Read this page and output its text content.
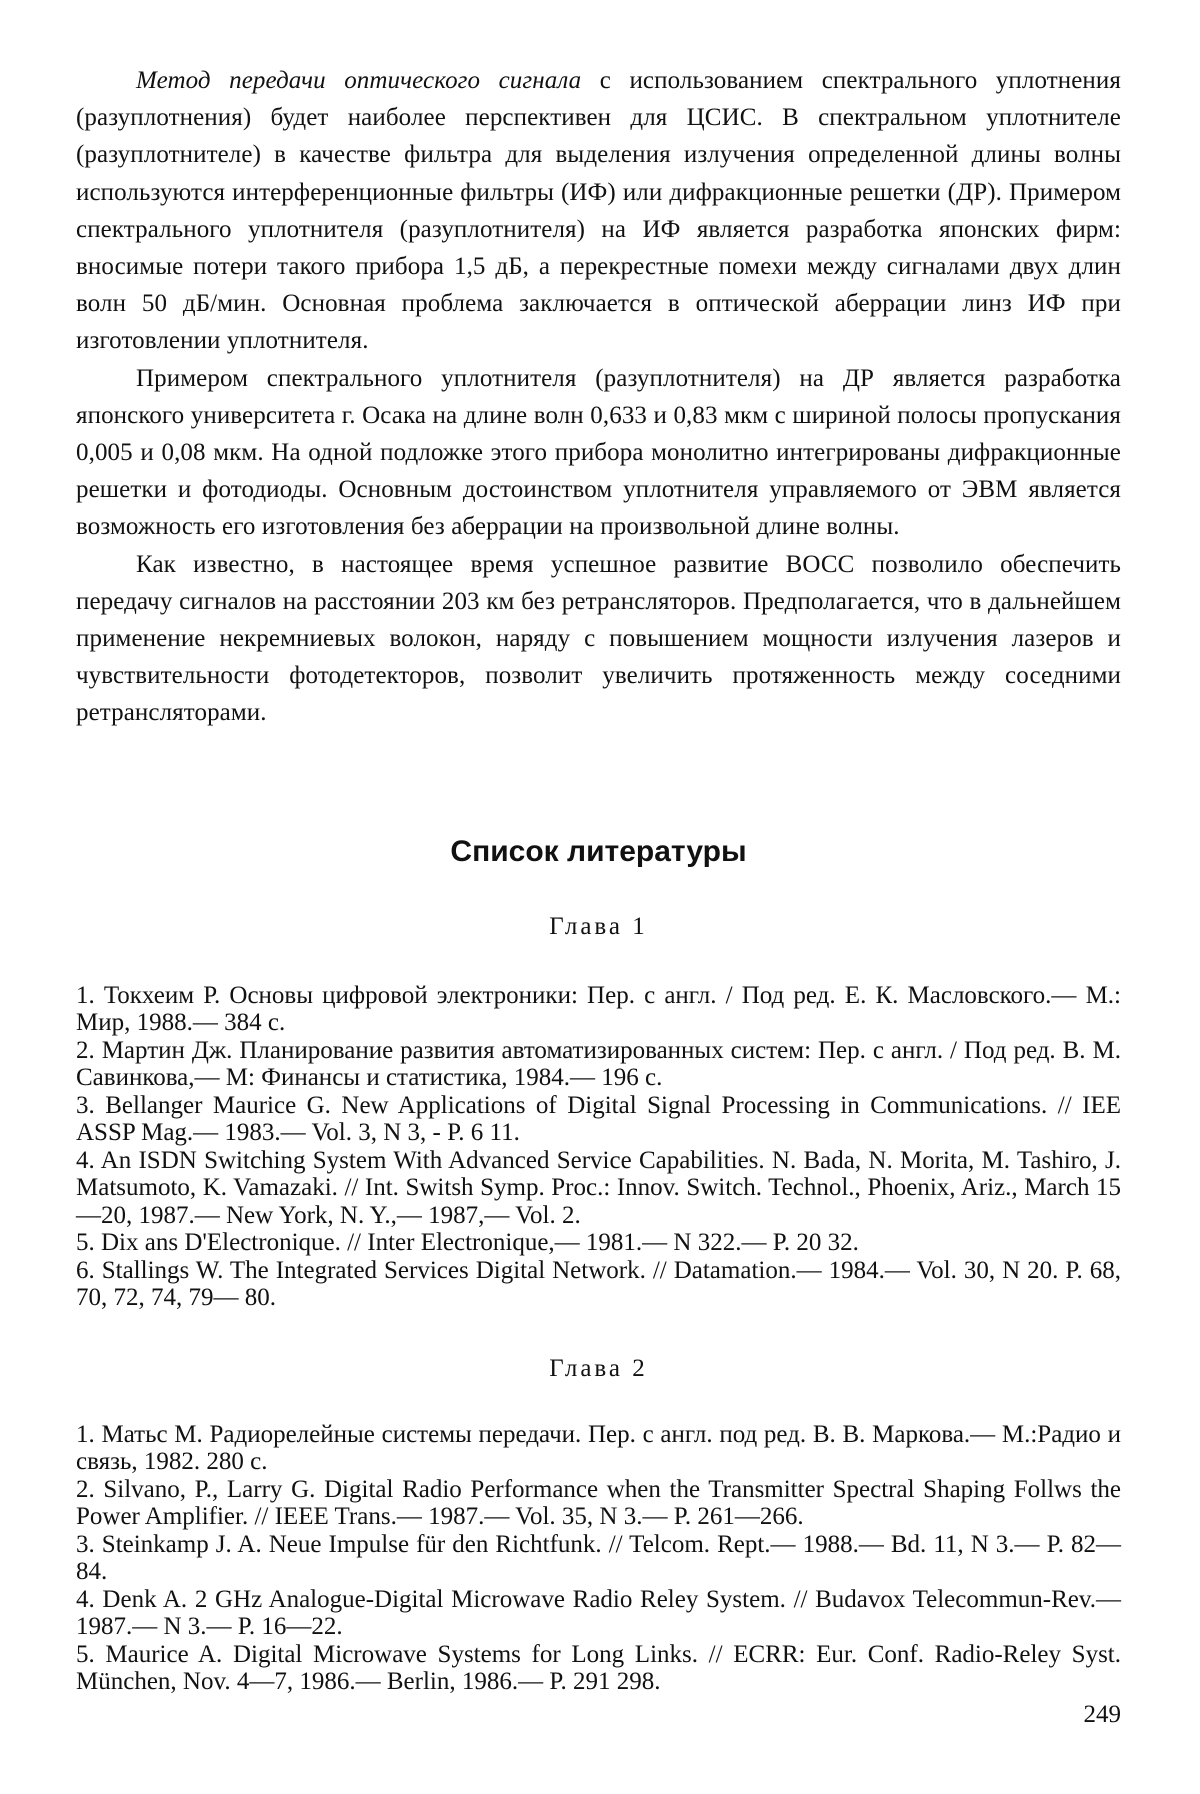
Метод передачи оптического сигнала с использованием спектрального уплотнения (разуплотнения) будет наиболее перспективен для ЦСИС. В спектральном уплотнителе (разуплотнителе) в качестве фильтра для выделения излучения определенной длины волны используются интерференционные фильтры (ИФ) или дифракционные решетки (ДР). Примером спектрального уплотнителя (разуплотнителя) на ИФ является разработка японских фирм: вносимые потери такого прибора 1,5 дБ, а перекрестные помехи между сигналами двух длин волн 50 дБ/мин. Основная проблема заключается в оптической аберрации линз ИФ при изготовлении уплотнителя.

Примером спектрального уплотнителя (разуплотнителя) на ДР является разработка японского университета г. Осака на длине волн 0,633 и 0,83 мкм с шириной полосы пропускания 0,005 и 0,08 мкм. На одной подложке этого прибора монолитно интегрированы дифракционные решетки и фотодиоды. Основным достоинством уплотнителя управляемого от ЭВМ является возможность его изготовления без аберрации на произвольной длине волны.

Как известно, в настоящее время успешное развитие ВОСС позволило обеспечить передачу сигналов на расстоянии 203 км без ретрансляторов. Предполагается, что в дальнейшем применение некремниевых волокон, наряду с повышением мощности излучения лазеров и чувствительности фотодетекторов, позволит увеличить протяженность между соседними ретрансляторами.

Список литературы
Глава 1
1. Токхеим Р. Основы цифровой электроники: Пер. с англ. / Под ред. Е. К. Масловского.— М.: Мир, 1988.— 384 с.
2. Мартин Дж. Планирование развития автоматизированных систем: Пер. с англ. / Под ред. В. М. Савинкова,— М: Финансы и статистика, 1984.— 196 с.
3. Bellanger Maurice G. New Applications of Digital Signal Processing in Communications. // IEE ASSP Mag.— 1983.— Vol. 3, N 3, - P. 6 11.
4. An ISDN Switching System With Advanced Service Capabilities. N. Bada, N. Morita, M. Tashiro, J. Matsumoto, K. Vamazaki. // Int. Switsh Symp. Proc.: Innov. Switch. Technol., Phoenix, Ariz., March 15—20, 1987.— New York, N. Y.,— 1987,— Vol. 2.
5. Dix ans D'Electronique. // Inter Electronique,— 1981.— N 322.— P. 20 32.
6. Stallings W. The Integrated Services Digital Network. // Datamation.— 1984.— Vol. 30, N 20. P. 68, 70, 72, 74, 79— 80.
Глава 2
1. Матьс М. Радиорелейные системы передачи. Пер. с англ. под ред. В. В. Маркова.— М.:Радио и связь, 1982. 280 с.
2. Silvano, P., Larry G. Digital Radio Performance when the Transmitter Spectral Shaping Follws the Power Amplifier. // IEEE Trans.— 1987.— Vol. 35, N 3.— P. 261—266.
3. Steinkamp J. A. Neue Impulse für den Richtfunk. // Telcom. Rept.— 1988.— Bd. 11, N 3.— P. 82—84.
4. Denk A. 2 GHz Analogue-Digital Microwave Radio Reley System. // Budavox Telecommun-Rev.— 1987.— N 3.— P. 16—22.
5. Maurice A. Digital Microwave Systems for Long Links. // ECRR: Eur. Conf. Radio-Reley Syst. München, Nov. 4—7, 1986.— Berlin, 1986.— P. 291 298.
249
